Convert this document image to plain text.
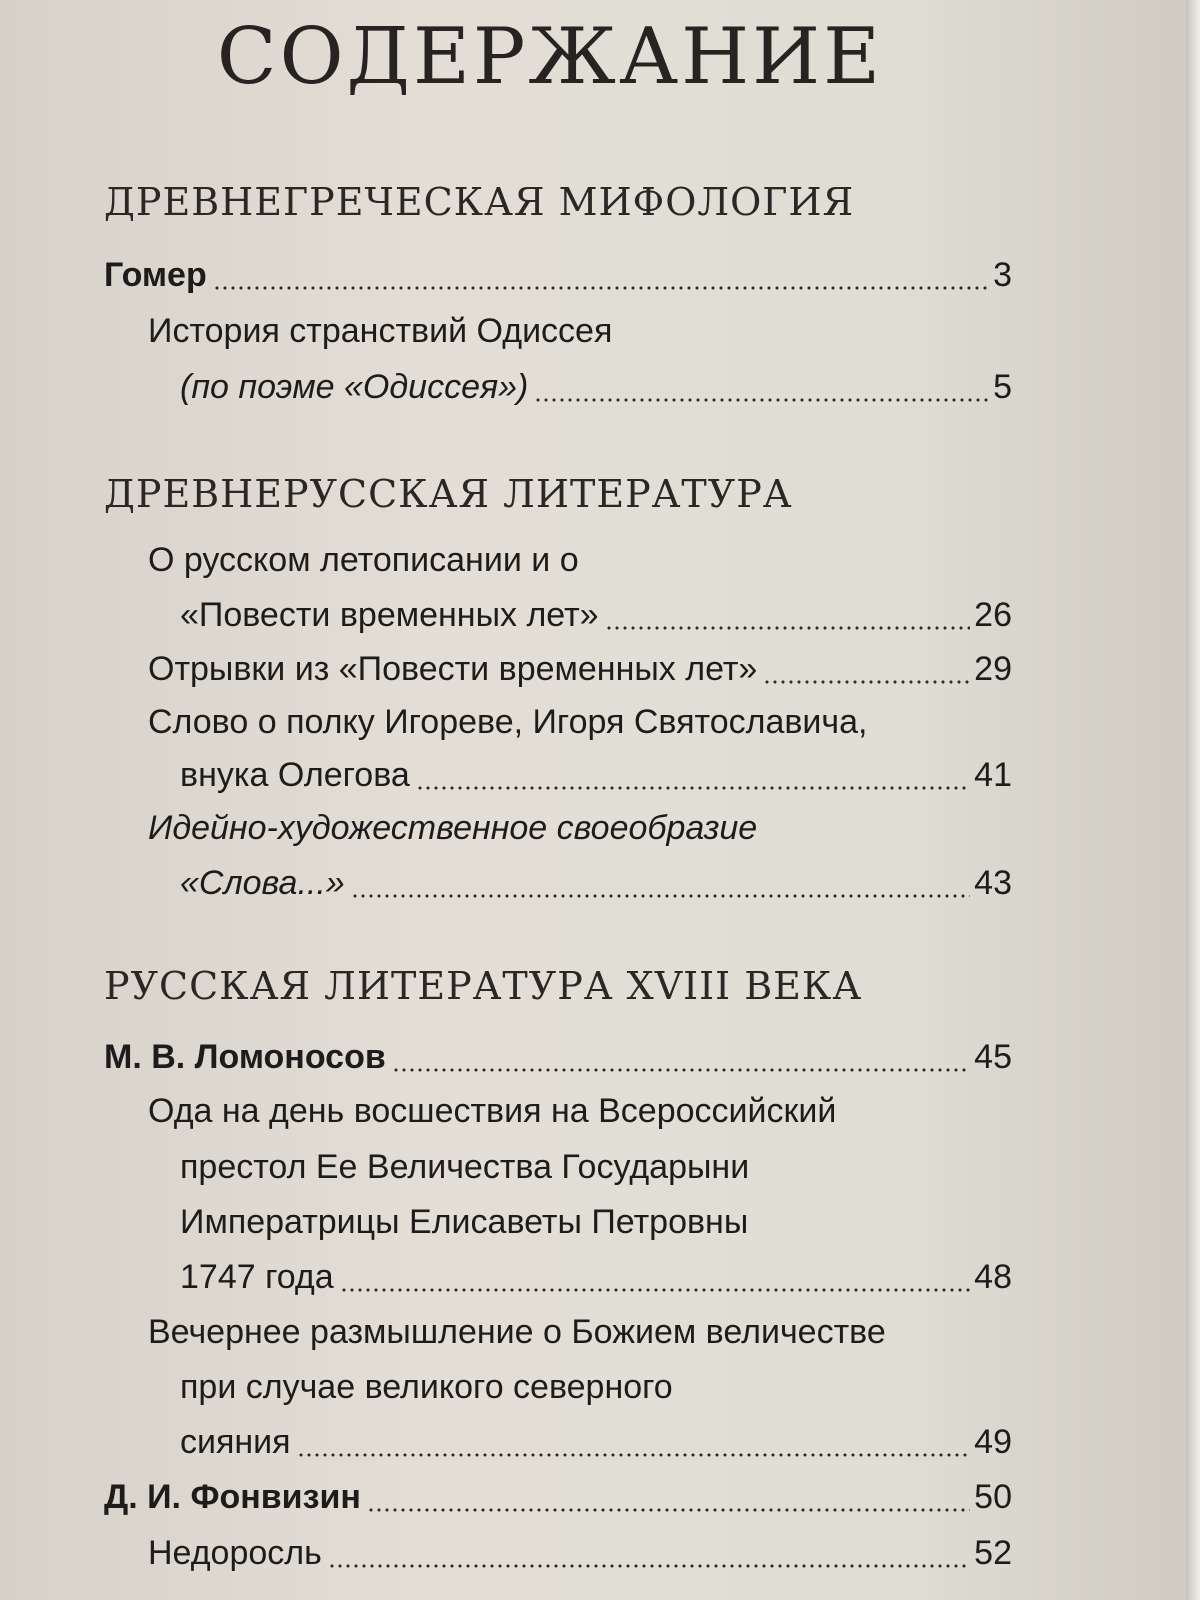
СОДЕРЖАНИЕ
ДРЕВНЕГРЕЧЕСКАЯ МИФОЛОГИЯ
Гомер	3
История странствий Одиссея
(по поэме «Одиссея»)	5
ДРЕВНЕРУССКАЯ ЛИТЕРАТУРА
О русском летописании и о
«Повести временных лет»	26
Отрывки из «Повести временных лет»	29
Слово о полку Игореве, Игоря Святославича,
внука Олегова	41
Идейно-художественное своеобразие
«Слова...»	43
РУССКАЯ ЛИТЕРАТУРА XVIII ВЕКА
М. В. Ломоносов	45
Ода на день восшествия на Всероссийский
престол Ее Величества Государыни
Императрицы Елисаветы Петровны
1747 года	48
Вечернее размышление о Божием величестве
при случае великого северного
сияния	49
Д. И. Фонвизин	50
Недоросль	52
